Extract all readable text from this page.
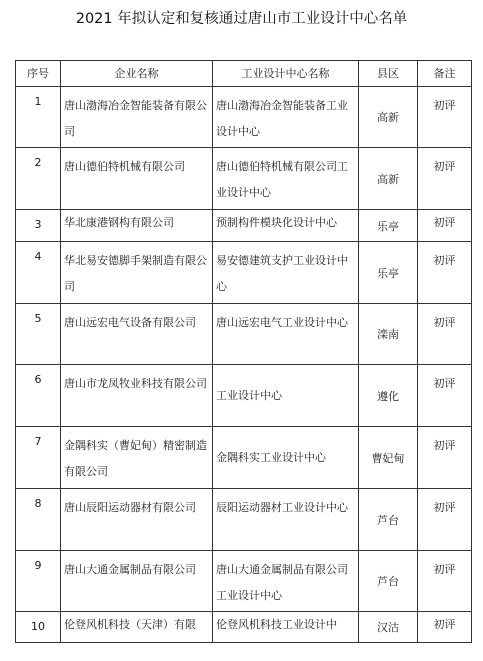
2021 年拟认定和复核通过唐山市工业设计中心名单
序号	企业名称	工业设计中心名称	县区	备注
1	唐山渤海冶金智能装备有限公司	唐山渤海冶金智能装备工业设计中心	高新	初评
2	唐山德伯特机械有限公司	唐山德伯特机械有限公司工业设计中心	高新	初评
3	华北康港钢构有限公司	预制构件模块化设计中心	乐亭	初评
4	华北易安德脚手架制造有限公司	易安德建筑支护工业设计中心	乐亭	初评
5	唐山远宏电气设备有限公司	唐山远宏电气工业设计中心	滦南	初评
6	唐山市龙凤牧业科技有限公司	工业设计中心	遵化	初评
7	金隅科实（曹妃甸）精密制造有限公司	金隅科实工业设计中心	曹妃甸	初评
8	唐山辰阳运动器材有限公司	辰阳运动器材工业设计中心	芦台	初评
9	唐山大通金属制品有限公司	唐山大通金属制品有限公司工业设计中心	芦台	初评
10	伦登风机科技（天津）有限	伦登风机科技工业设计中	汉沽	初评
